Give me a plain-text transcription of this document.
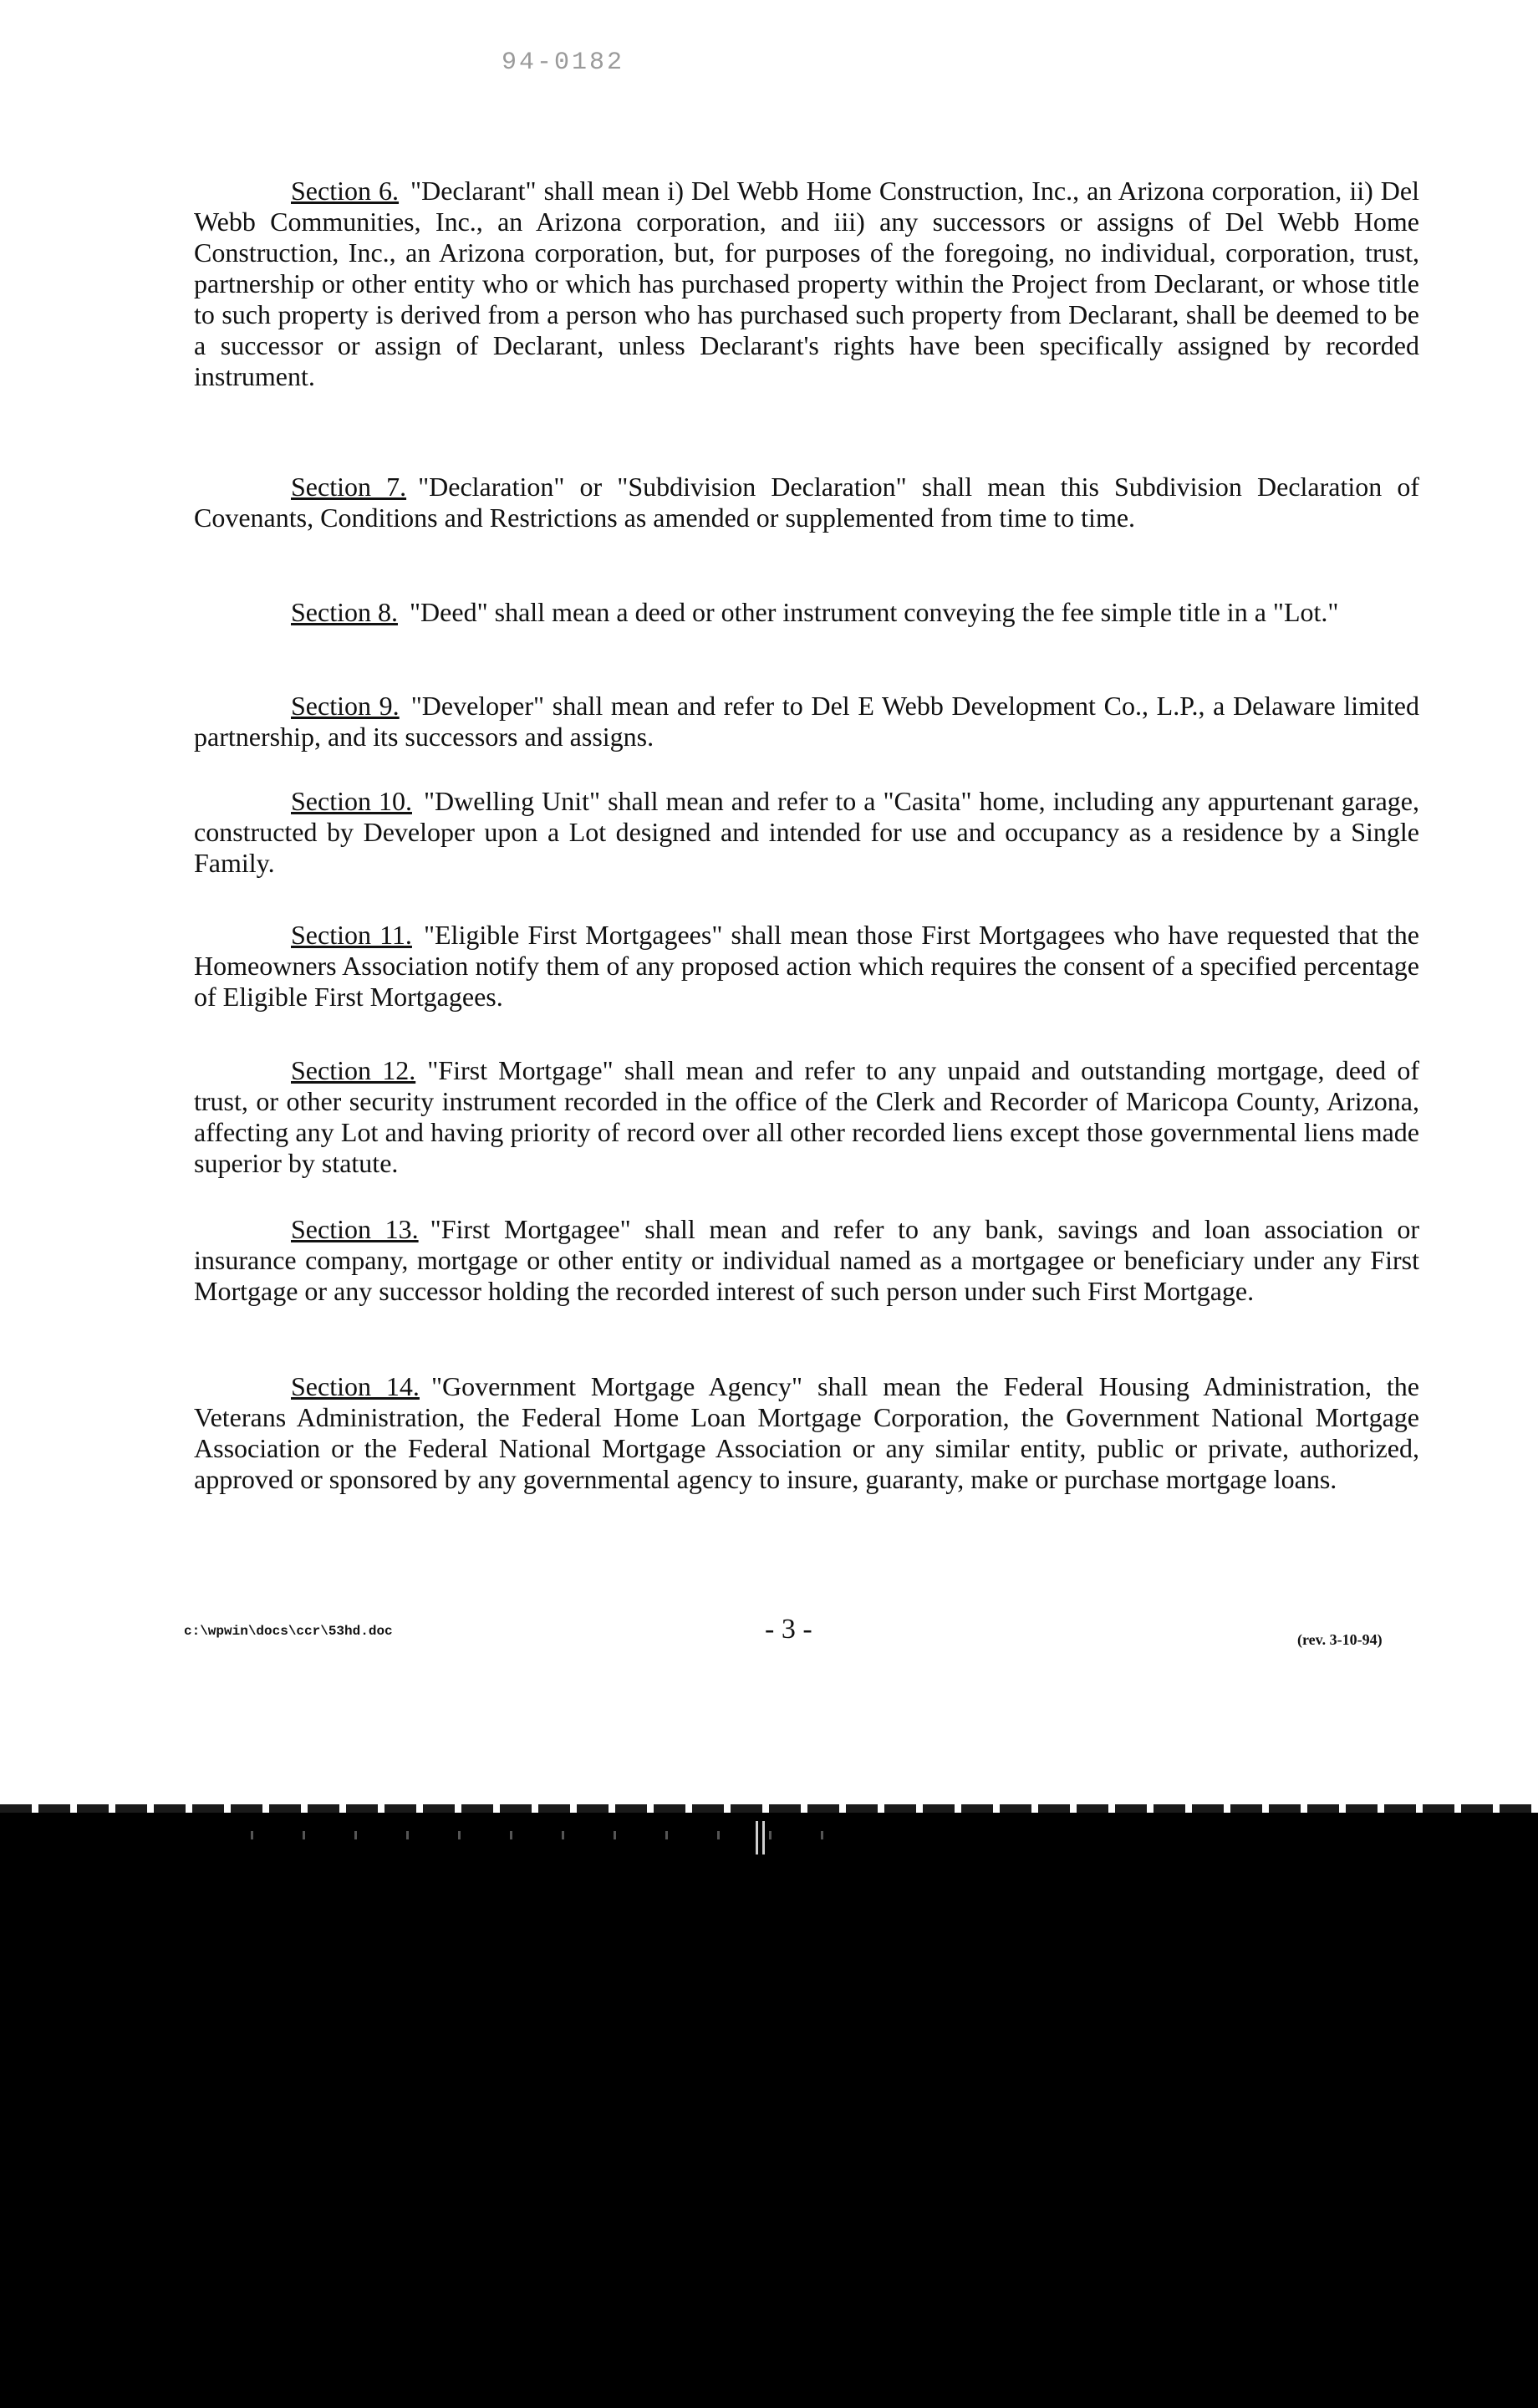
94-0182
Section 6. "Declarant" shall mean i) Del Webb Home Construction, Inc., an Arizona corporation, ii) Del Webb Communities, Inc., an Arizona corporation, and iii) any successors or assigns of Del Webb Home Construction, Inc., an Arizona corporation, but, for purposes of the foregoing, no individual, corporation, trust, partnership or other entity who or which has purchased property within the Project from Declarant, or whose title to such property is derived from a person who has purchased such property from Declarant, shall be deemed to be a successor or assign of Declarant, unless Declarant's rights have been specifically assigned by recorded instrument.
Section 7. "Declaration" or "Subdivision Declaration" shall mean this Subdivision Declaration of Covenants, Conditions and Restrictions as amended or supplemented from time to time.
Section 8. "Deed" shall mean a deed or other instrument conveying the fee simple title in a "Lot."
Section 9. "Developer" shall mean and refer to Del E Webb Development Co., L.P., a Delaware limited partnership, and its successors and assigns.
Section 10. "Dwelling Unit" shall mean and refer to a "Casita" home, including any appurtenant garage, constructed by Developer upon a Lot designed and intended for use and occupancy as a residence by a Single Family.
Section 11. "Eligible First Mortgagees" shall mean those First Mortgagees who have requested that the Homeowners Association notify them of any proposed action which requires the consent of a specified percentage of Eligible First Mortgagees.
Section 12. "First Mortgage" shall mean and refer to any unpaid and outstanding mortgage, deed of trust, or other security instrument recorded in the office of the Clerk and Recorder of Maricopa County, Arizona, affecting any Lot and having priority of record over all other recorded liens except those governmental liens made superior by statute.
Section 13. "First Mortgagee" shall mean and refer to any bank, savings and loan association or insurance company, mortgage or other entity or individual named as a mortgagee or beneficiary under any First Mortgage or any successor holding the recorded interest of such person under such First Mortgage.
Section 14. "Government Mortgage Agency" shall mean the Federal Housing Administration, the Veterans Administration, the Federal Home Loan Mortgage Corporation, the Government National Mortgage Association or the Federal National Mortgage Association or any similar entity, public or private, authorized, approved or sponsored by any governmental agency to insure, guaranty, make or purchase mortgage loans.
c:\wpwin\docs\ccr\53hd.doc	- 3 -	(rev. 3-10-94)
